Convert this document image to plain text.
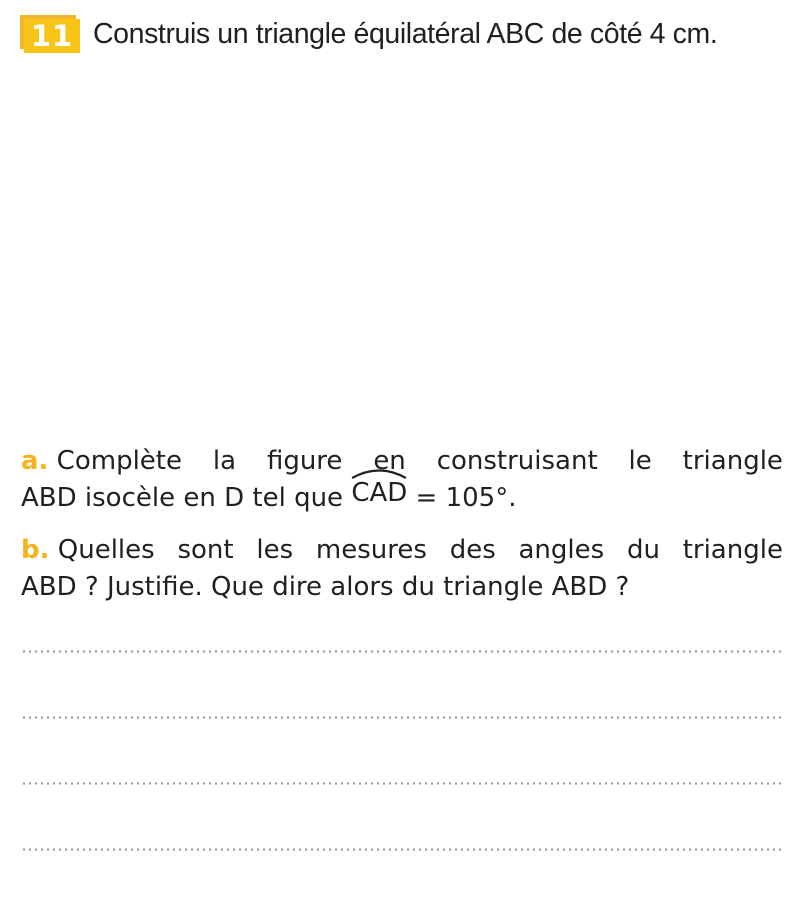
11 Construis un triangle équilatéral ABC de côté 4 cm.
a. Complète la figure en construisant le triangle
ABD isocèle en D tel que CAD = 105°.
b. Quelles sont les mesures des angles du triangle
ABD ? Justifie. Que dire alors du triangle ABD ?
